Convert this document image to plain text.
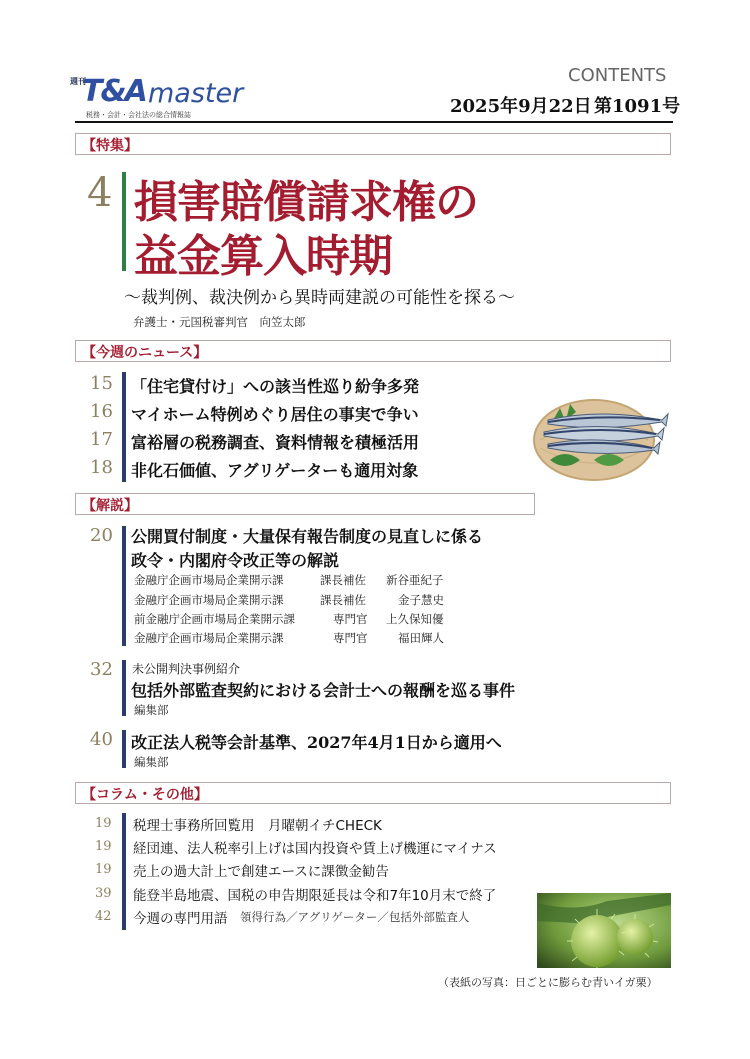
週刊
T&A master
税務・会計・会社法の総合情報誌
CONTENTS
2025年9月22日 第1091号
【特集】
4 損害賠償請求権の
益金算入時期
～裁判例、裁決例から異時両建説の可能性を探る～
弁護士・元国税審判官　向笠太郎
【今週のニュース】
15 「住宅貸付け」への該当性巡り紛争多発
16 マイホーム特例めぐり居住の事実で争い
17 富裕層の税務調査、資料情報を積極活用
18 非化石価値、アグリゲーターも適用対象
【解説】
20 公開買付制度・大量保有報告制度の見直しに係る
政令・内閣府令改正等の解説
金融庁企画市場局企業開示課	課長補佐 新谷亜紀子
金融庁企画市場局企業開示課	課長補佐	金子慧史
前金融庁企画市場局企業開示課	専門官 上久保知優
金融庁企画市場局企業開示課	専門官	福田輝人
32 未公開判決事例紹介
包括外部監査契約における会計士への報酬を巡る事件
編集部
40 改正法人税等会計基準、2027年4月1日から適用へ
編集部
【コラム・その他】
19 税理士事務所回覧用　月曜朝イチCHECK
19 経団連、法人税率引上げは国内投資や賃上げ機運にマイナス
19 売上の過大計上で創建エースに課徴金勧告
39 能登半島地震、国税の申告期限延長は令和7年10月末で終了
42 今週の専門用語 領得行為／アグリゲーター／包括外部監査人
（表紙の写真：日ごとに膨らむ青いイガ栗）
